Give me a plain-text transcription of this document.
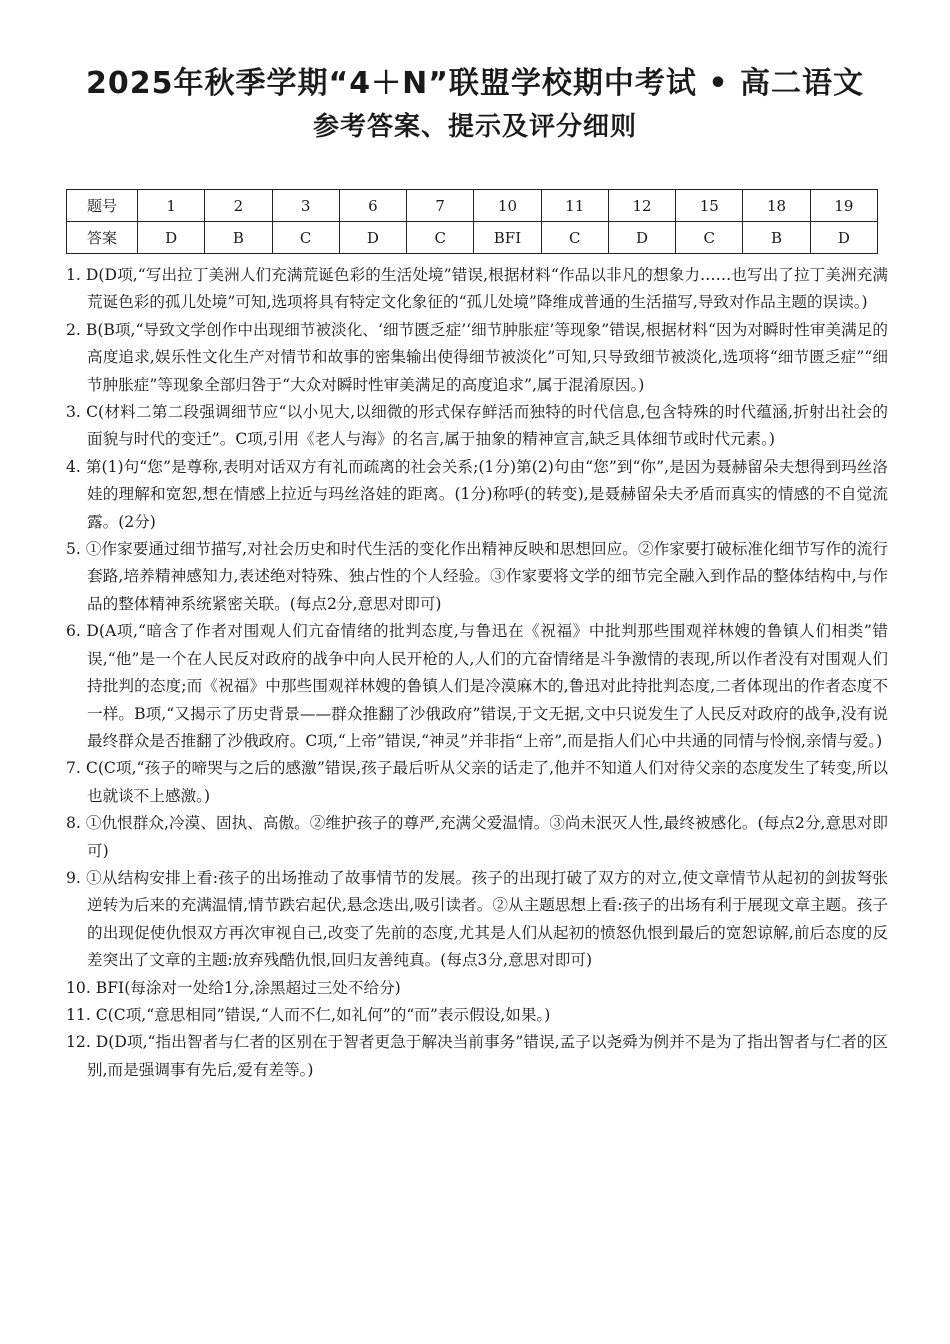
2025年秋季学期“4＋N”联盟学校期中考试 • 高二语文
参考答案、提示及评分细则
题号	1	2	3	6	7	10	11	12	15	18	19
答案	D	B	C	D	C	BFI	C	D	C	B	D
1. D(D项,“写出拉丁美洲人们充满荒诞色彩的生活处境”错误,根据材料“作品以非凡的想象力……也写出了拉丁美洲充满荒诞色彩的孤儿处境”可知,选项将具有特定文化象征的“孤儿处境”降维成普通的生活描写,导致对作品主题的误读。)
2. B(B项,“导致文学创作中出现细节被淡化、‘细节匮乏症’‘细节肿胀症’等现象”错误,根据材料“因为对瞬时性审美满足的高度追求,娱乐性文化生产对情节和故事的密集输出使得细节被淡化”可知,只导致细节被淡化,选项将“细节匮乏症”“细节肿胀症”等现象全部归咎于“大众对瞬时性审美满足的高度追求”,属于混淆原因。)
3. C(材料二第二段强调细节应“以小见大,以细微的形式保存鲜活而独特的时代信息,包含特殊的时代蕴涵,折射出社会的面貌与时代的变迁”。C项,引用《老人与海》的名言,属于抽象的精神宣言,缺乏具体细节或时代元素。)
4. 第(1)句“您”是尊称,表明对话双方有礼而疏离的社会关系;(1分)第(2)句由“您”到“你”,是因为聂赫留朵夫想得到玛丝洛娃的理解和宽恕,想在情感上拉近与玛丝洛娃的距离。(1分)称呼(的转变),是聂赫留朵夫矛盾而真实的情感的不自觉流露。(2分)
5. ①作家要通过细节描写,对社会历史和时代生活的变化作出精神反映和思想回应。②作家要打破标准化细节写作的流行套路,培养精神感知力,表述绝对特殊、独占性的个人经验。③作家要将文学的细节完全融入到作品的整体结构中,与作品的整体精神系统紧密关联。(每点2分,意思对即可)
6. D(A项,“暗含了作者对围观人们亢奋情绪的批判态度,与鲁迅在《祝福》中批判那些围观祥林嫂的鲁镇人们相类”错误,“他”是一个在人民反对政府的战争中向人民开枪的人,人们的亢奋情绪是斗争激情的表现,所以作者没有对围观人们持批判的态度;而《祝福》中那些围观祥林嫂的鲁镇人们是冷漠麻木的,鲁迅对此持批判态度,二者体现出的作者态度不一样。B项,“又揭示了历史背景——群众推翻了沙俄政府”错误,于文无据,文中只说发生了人民反对政府的战争,没有说最终群众是否推翻了沙俄政府。C项,“上帝”错误,“神灵”并非指“上帝”,而是指人们心中共通的同情与怜悯,亲情与爱。)
7. C(C项,“孩子的啼哭与之后的感激”错误,孩子最后听从父亲的话走了,他并不知道人们对待父亲的态度发生了转变,所以也就谈不上感激。)
8. ①仇恨群众,冷漠、固执、高傲。②维护孩子的尊严,充满父爱温情。③尚未泯灭人性,最终被感化。(每点2分,意思对即可)
9. ①从结构安排上看:孩子的出场推动了故事情节的发展。孩子的出现打破了双方的对立,使文章情节从起初的剑拔弩张逆转为后来的充满温情,情节跌宕起伏,悬念迭出,吸引读者。②从主题思想上看:孩子的出场有利于展现文章主题。孩子的出现促使仇恨双方再次审视自己,改变了先前的态度,尤其是人们从起初的愤怒仇恨到最后的宽恕谅解,前后态度的反差突出了文章的主题:放弃残酷仇恨,回归友善纯真。(每点3分,意思对即可)
10. BFI(每涂对一处给1分,涂黑超过三处不给分)
11. C(C项,“意思相同”错误,“人而不仁,如礼何”的“而”表示假设,如果。)
12. D(D项,“指出智者与仁者的区别在于智者更急于解决当前事务”错误,孟子以尧舜为例并不是为了指出智者与仁者的区别,而是强调事有先后,爱有差等。)
